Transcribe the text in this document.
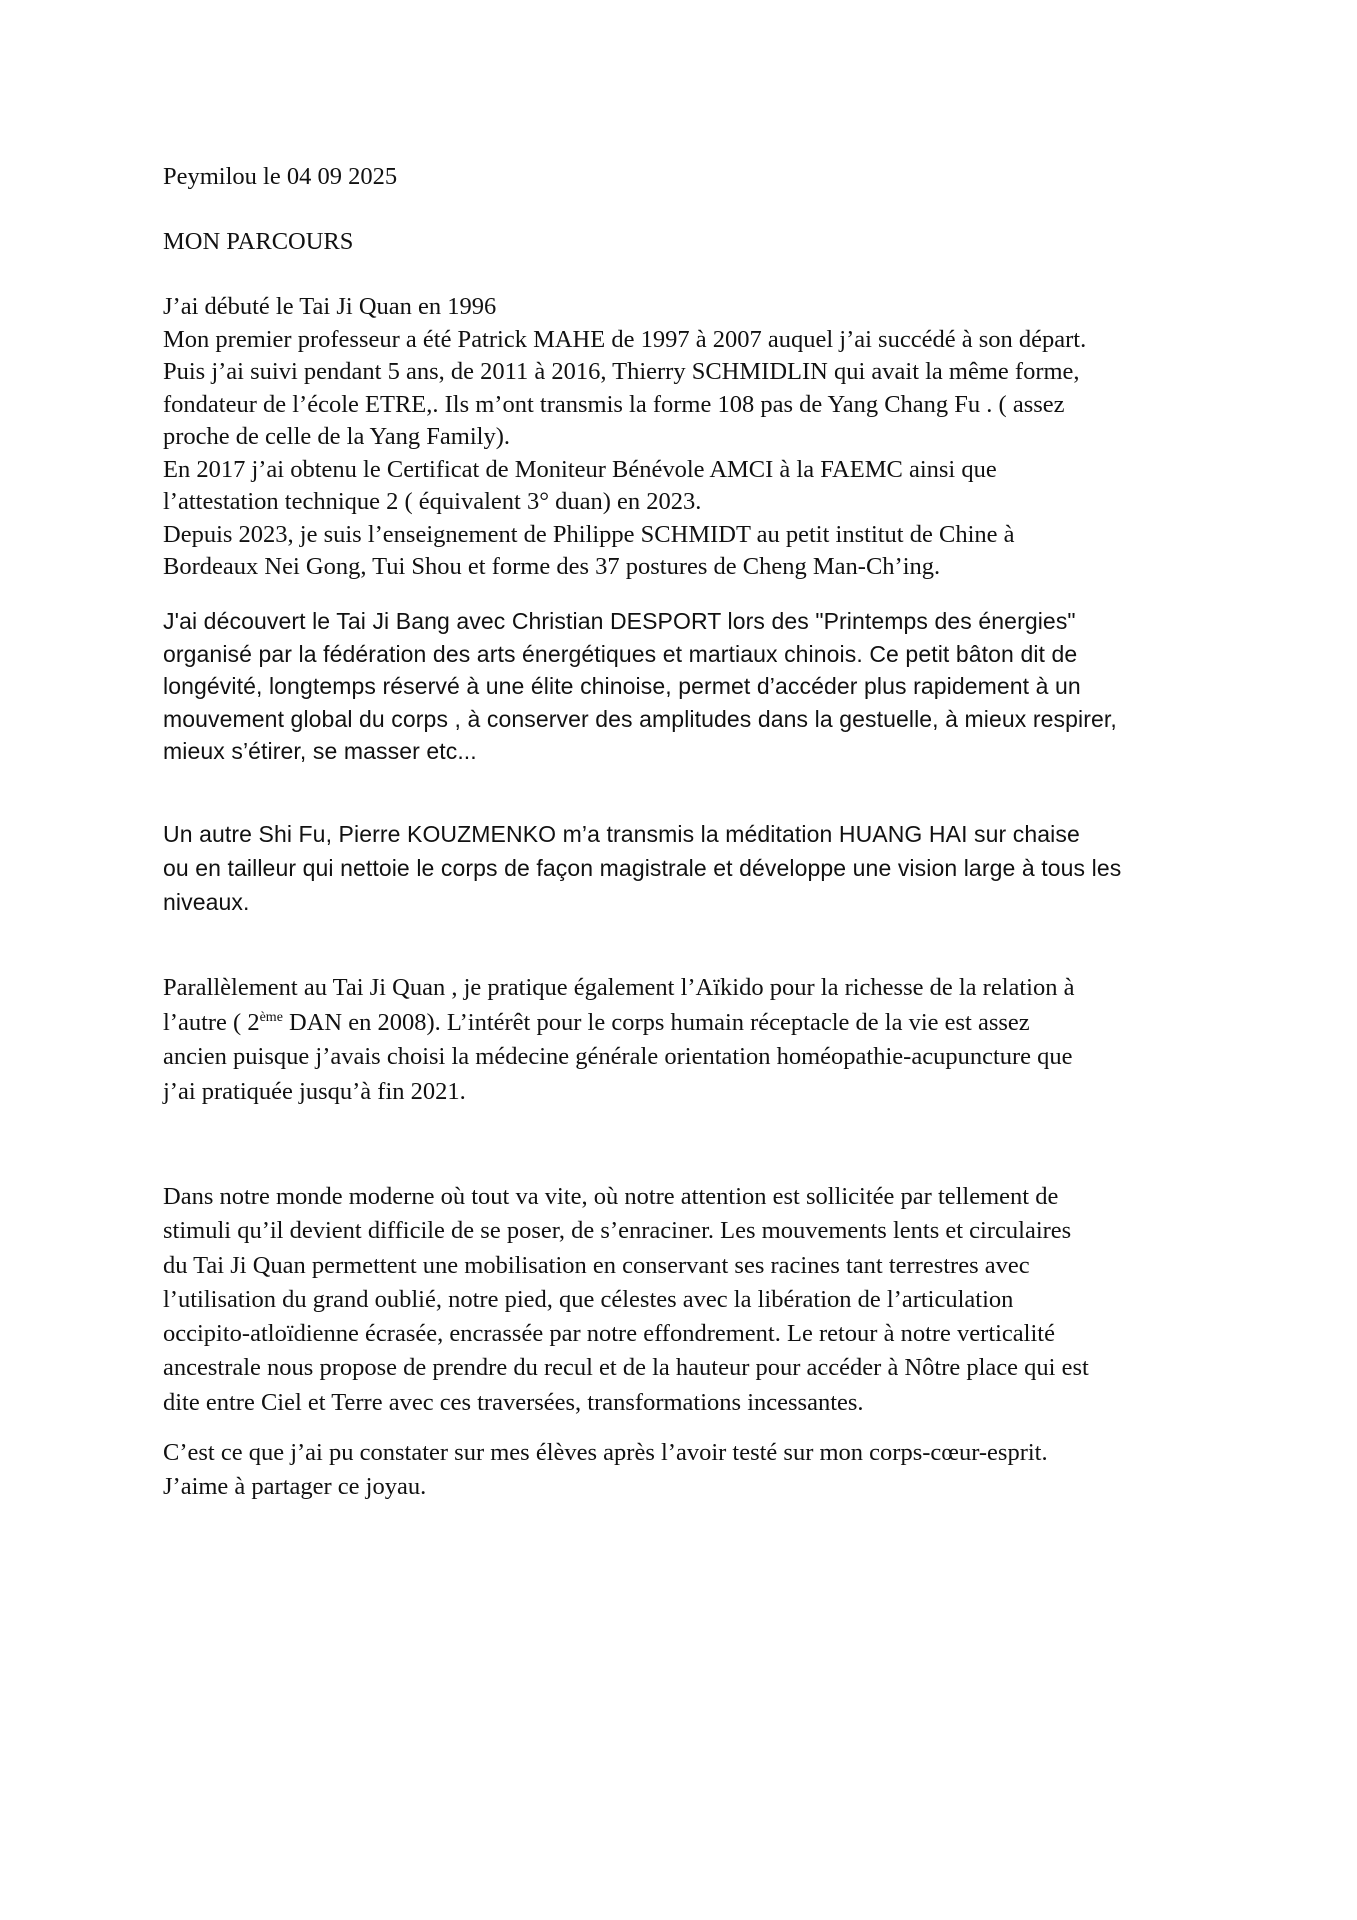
Peymilou le 04 09 2025
MON PARCOURS
J’ai débuté le Tai Ji Quan en 1996
Mon premier professeur a été Patrick MAHE de 1997 à 2007 auquel j’ai succédé à son départ.
Puis j’ai suivi pendant 5 ans, de 2011 à 2016, Thierry SCHMIDLIN qui avait la même forme,
fondateur de l’école ETRE,. Ils m’ont transmis la forme 108 pas de Yang Chang Fu . ( assez
proche de celle de la Yang Family).
En 2017 j’ai obtenu le Certificat de Moniteur Bénévole AMCI à la FAEMC ainsi que
l’attestation technique 2 ( équivalent 3° duan) en 2023.
Depuis 2023, je suis l’enseignement de Philippe SCHMIDT au petit institut de Chine à
Bordeaux Nei Gong, Tui Shou et forme des 37 postures de Cheng Man-Ch’ing.
J'ai découvert le Tai Ji Bang avec Christian DESPORT lors des "Printemps des énergies"
organisé par la fédération des arts énergétiques et martiaux chinois. Ce petit bâton dit de
longévité, longtemps réservé à une élite chinoise, permet d’accéder plus rapidement à un
mouvement global du corps , à conserver des amplitudes dans la gestuelle, à mieux respirer,
mieux s’étirer, se masser etc...
Un autre Shi Fu, Pierre KOUZMENKO m’a transmis la méditation HUANG HAI sur chaise
ou en tailleur qui nettoie le corps de façon magistrale et développe une vision large à tous les
niveaux.
Parallèlement au Tai Ji Quan , je pratique également l’Aïkido pour la richesse de la relation à
l’autre ( 2ème DAN en 2008). L’intérêt pour le corps humain réceptacle de la vie est assez
ancien puisque j’avais choisi la médecine générale orientation homéopathie-acupuncture que
j’ai pratiquée jusqu’à fin 2021.
Dans notre monde moderne où tout va vite, où notre attention est sollicitée par tellement de
stimuli qu’il devient difficile de se poser, de s’enraciner. Les mouvements lents et circulaires
du Tai Ji Quan permettent une mobilisation en conservant ses racines tant terrestres avec
l’utilisation du grand oublié, notre pied, que célestes avec la libération de l’articulation
occipito-atloïdienne écrasée, encrassée par notre effondrement. Le retour à notre verticalité
ancestrale nous propose de prendre du recul et de la hauteur pour accéder à Nôtre place qui est
dite entre Ciel et Terre avec ces traversées, transformations incessantes.
C’est ce que j’ai pu constater sur mes élèves après l’avoir testé sur mon corps-cœur-esprit.
J’aime à partager ce joyau.
